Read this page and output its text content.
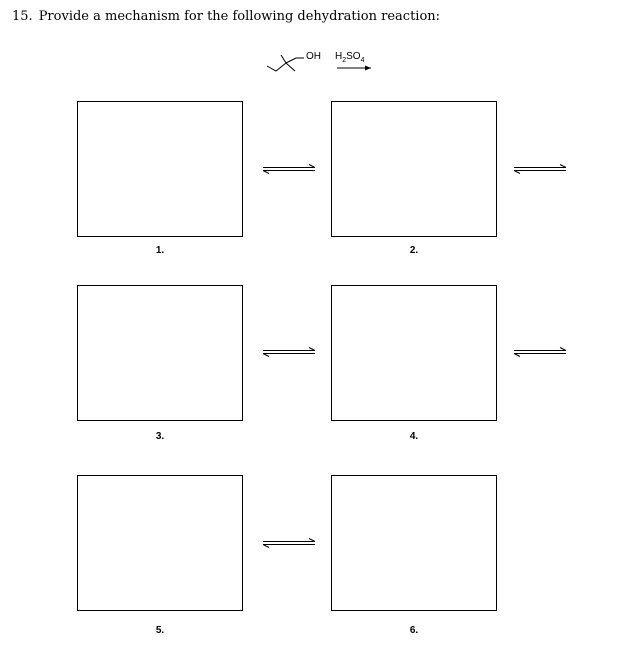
15. Provide a mechanism for the following dehydration reaction:
OH $H_2SO_4$
1.	2.
3.	4.
5.	6.
